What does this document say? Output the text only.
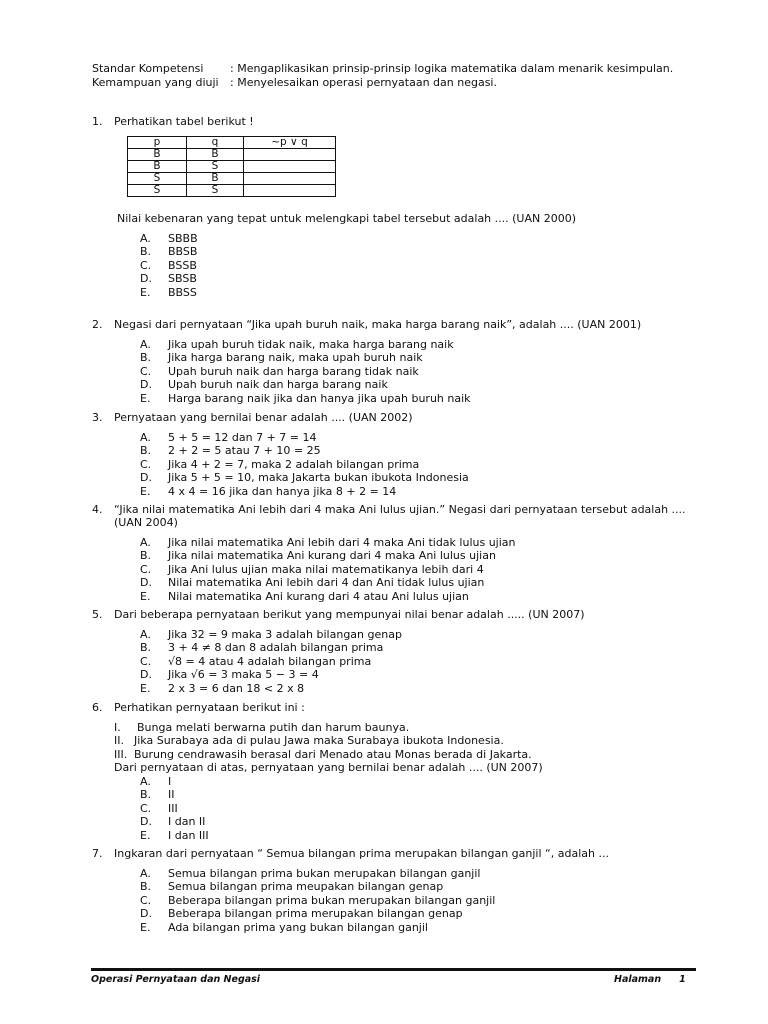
Standar Kompetensi : Mengaplikasikan prinsip-prinsip logika matematika dalam menarik kesimpulan.
Kemampuan yang diuji : Menyelesaikan operasi pernyataan dan negasi.
1. Perhatikan tabel berikut !
p	q	~p ∨ q
B	B	
B	S	
S	B	
S	S	
Nilai kebenaran yang tepat untuk melengkapi tabel tersebut adalah .... (UAN 2000)
A. SBBB
B. BBSB
C. BSSB
D. SBSB
E. BBSS
2. Negasi dari pernyataan “Jika upah buruh naik, maka harga barang naik”, adalah .... (UAN 2001)
A. Jika upah buruh tidak naik, maka harga barang naik
B. Jika harga barang naik, maka upah buruh naik
C. Upah buruh naik dan harga barang tidak naik
D. Upah buruh naik dan harga barang naik
E. Harga barang naik jika dan hanya jika upah buruh naik
3. Pernyataan yang bernilai benar adalah .... (UAN 2002)
A. 5 + 5 = 12 dan 7 + 7 = 14
B. 2 + 2 = 5 atau 7 + 10 = 25
C. Jika 4 + 2 = 7, maka 2 adalah bilangan prima
D. Jika 5 + 5 = 10, maka Jakarta bukan ibukota Indonesia
E. 4 x 4 = 16 jika dan hanya jika 8 + 2 = 14
4. “Jika nilai matematika Ani lebih dari 4 maka Ani lulus ujian.” Negasi dari pernyataan tersebut adalah .... (UAN 2004)
A. Jika nilai matematika Ani lebih dari 4 maka Ani tidak lulus ujian
B. Jika nilai matematika Ani kurang dari 4 maka Ani lulus ujian
C. Jika Ani lulus ujian maka nilai matematikanya lebih dari 4
D. Nilai matematika Ani lebih dari 4 dan Ani tidak lulus ujian
E. Nilai matematika Ani kurang dari 4 atau Ani lulus ujian
5. Dari beberapa pernyataan berikut yang mempunyai nilai benar adalah ..... (UN 2007)
A. Jika 32 = 9 maka 3 adalah bilangan genap
B. 3 + 4 ≠ 8 dan 8 adalah bilangan prima
C. √8 = 4 atau 4 adalah bilangan prima
D. Jika √6 = 3 maka 5 − 3 = 4
E. 2 x 3 = 6 dan 18 < 2 x 8
6. Perhatikan pernyataan berikut ini :
I. Bunga melati berwarna putih dan harum baunya.
II. Jika Surabaya ada di pulau Jawa maka Surabaya ibukota Indonesia.
III. Burung cendrawasih berasal dari Menado atau Monas berada di Jakarta.
Dari pernyataan di atas, pernyataan yang bernilai benar adalah .... (UN 2007)
A. I
B. II
C. III
D. I dan II
E. I dan III
7. Ingkaran dari pernyataan “ Semua bilangan prima merupakan bilangan ganjil “, adalah ...
A. Semua bilangan prima bukan merupakan bilangan ganjil
B. Semua bilangan prima meupakan bilangan genap
C. Beberapa bilangan prima bukan merupakan bilangan ganjil
D. Beberapa bilangan prima merupakan bilangan genap
E. Ada bilangan prima yang bukan bilangan ganjil
Operasi Pernyataan dan Negasi	Halaman 1
